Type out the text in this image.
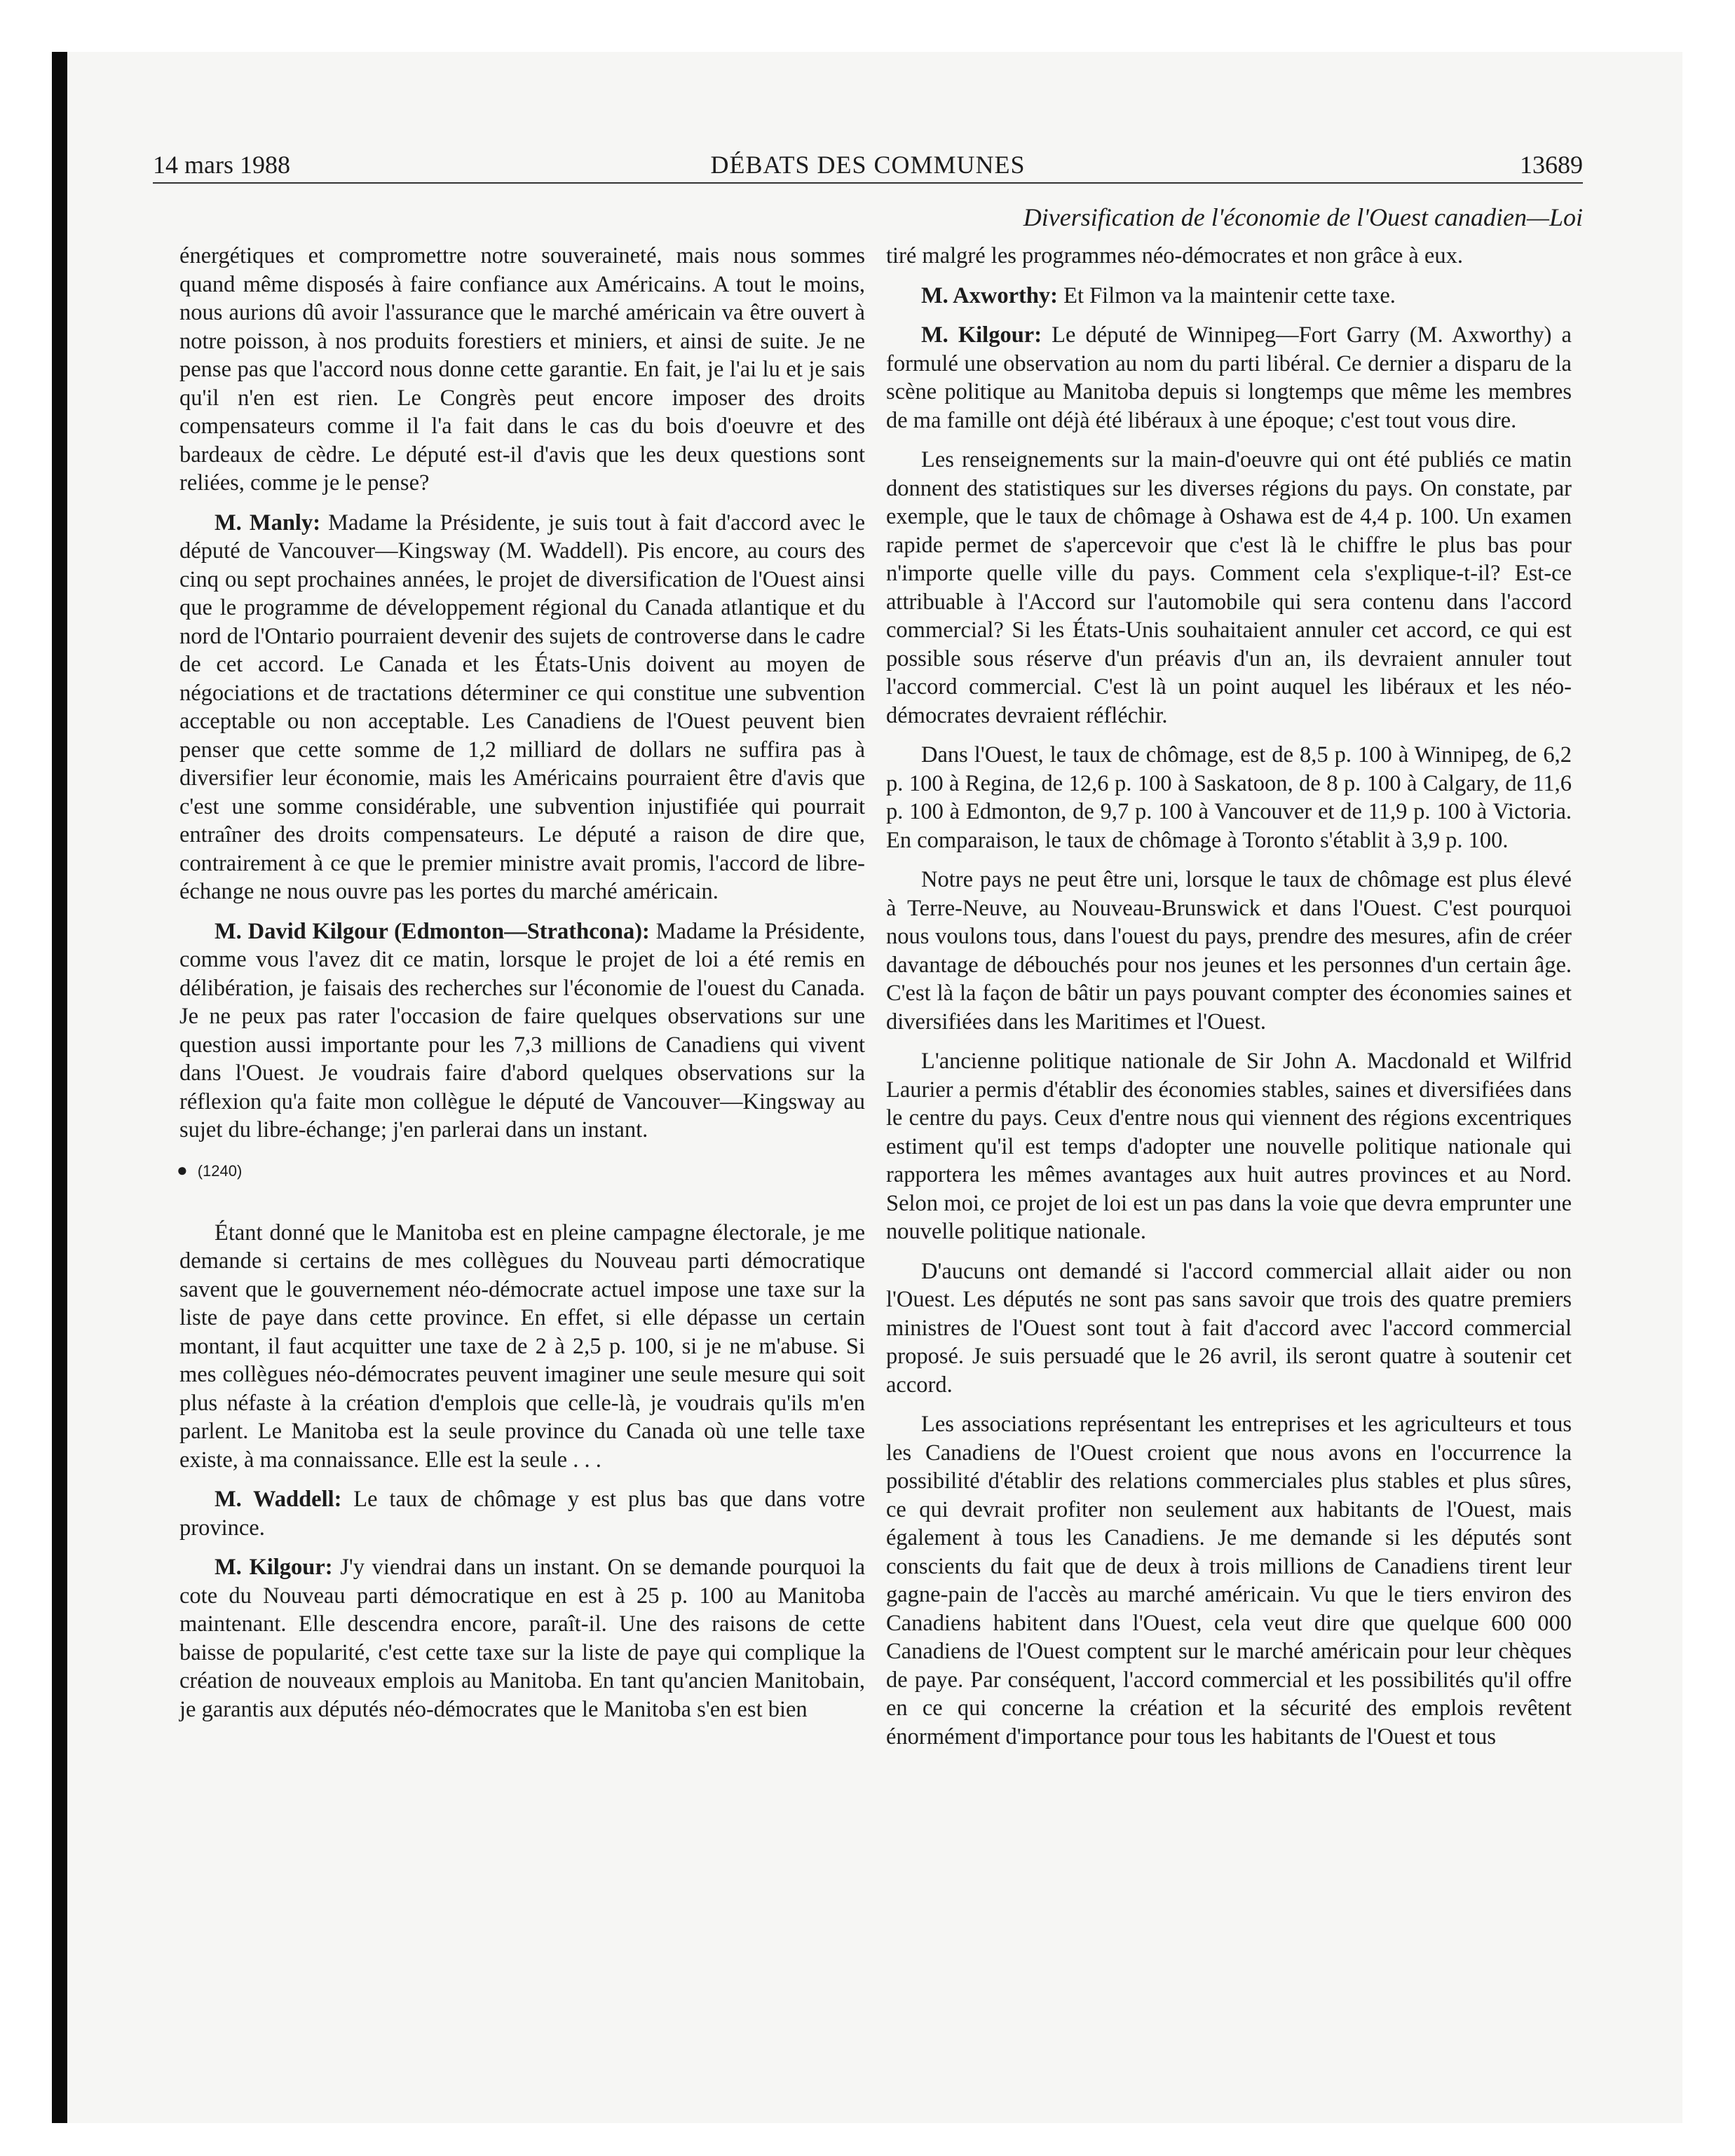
14 mars 1988	DÉBATS DES COMMUNES	13689
Diversification de l'économie de l'Ouest canadien—Loi

énergétiques et compromettre notre souveraineté, mais nous sommes quand même disposés à faire confiance aux Américains. A tout le moins, nous aurions dû avoir l'assurance que le marché américain va être ouvert à notre poisson, à nos produits forestiers et miniers, et ainsi de suite. Je ne pense pas que l'accord nous donne cette garantie. En fait, je l'ai lu et je sais qu'il n'en est rien. Le Congrès peut encore imposer des droits compensateurs comme il l'a fait dans le cas du bois d'oeuvre et des bardeaux de cèdre. Le député est-il d'avis que les deux questions sont reliées, comme je le pense?

M. Manly: Madame la Présidente, je suis tout à fait d'accord avec le député de Vancouver—Kingsway (M. Waddell). Pis encore, au cours des cinq ou sept prochaines années, le projet de diversification de l'Ouest ainsi que le programme de développement régional du Canada atlantique et du nord de l'Ontario pourraient devenir des sujets de controverse dans le cadre de cet accord. Le Canada et les États-Unis doivent au moyen de négociations et de tractations déterminer ce qui constitue une subvention acceptable ou non acceptable. Les Canadiens de l'Ouest peuvent bien penser que cette somme de 1,2 milliard de dollars ne suffira pas à diversifier leur économie, mais les Américains pourraient être d'avis que c'est une somme considérable, une subvention injustifiée qui pourrait entraîner des droits compensateurs. Le député a raison de dire que, contrairement à ce que le premier ministre avait promis, l'accord de libre-échange ne nous ouvre pas les portes du marché américain.

M. David Kilgour (Edmonton—Strathcona): Madame la Présidente, comme vous l'avez dit ce matin, lorsque le projet de loi a été remis en délibération, je faisais des recherches sur l'économie de l'ouest du Canada. Je ne peux pas rater l'occasion de faire quelques observations sur une question aussi importante pour les 7,3 millions de Canadiens qui vivent dans l'Ouest. Je voudrais faire d'abord quelques observations sur la réflexion qu'a faite mon collègue le député de Vancouver—Kingsway au sujet du libre-échange; j'en parlerai dans un instant.

● (1240)

Étant donné que le Manitoba est en pleine campagne électorale, je me demande si certains de mes collègues du Nouveau parti démocratique savent que le gouvernement néo-démocrate actuel impose une taxe sur la liste de paye dans cette province. En effet, si elle dépasse un certain montant, il faut acquitter une taxe de 2 à 2,5 p. 100, si je ne m'abuse. Si mes collègues néo-démocrates peuvent imaginer une seule mesure qui soit plus néfaste à la création d'emplois que celle-là, je voudrais qu'ils m'en parlent. Le Manitoba est la seule province du Canada où une telle taxe existe, à ma connaissance. Elle est la seule . . .

M. Waddell: Le taux de chômage y est plus bas que dans votre province.

M. Kilgour: J'y viendrai dans un instant. On se demande pourquoi la cote du Nouveau parti démocratique en est à 25 p. 100 au Manitoba maintenant. Elle descendra encore, paraît-il. Une des raisons de cette baisse de popularité, c'est cette taxe sur la liste de paye qui complique la création de nouveaux emplois au Manitoba. En tant qu'ancien Manitobain, je garantis aux députés néo-démocrates que le Manitoba s'en est bien

tiré malgré les programmes néo-démocrates et non grâce à eux.

M. Axworthy: Et Filmon va la maintenir cette taxe.

M. Kilgour: Le député de Winnipeg—Fort Garry (M. Axworthy) a formulé une observation au nom du parti libéral. Ce dernier a disparu de la scène politique au Manitoba depuis si longtemps que même les membres de ma famille ont déjà été libéraux à une époque; c'est tout vous dire.

Les renseignements sur la main-d'oeuvre qui ont été publiés ce matin donnent des statistiques sur les diverses régions du pays. On constate, par exemple, que le taux de chômage à Oshawa est de 4,4 p. 100. Un examen rapide permet de s'apercevoir que c'est là le chiffre le plus bas pour n'importe quelle ville du pays. Comment cela s'explique-t-il? Est-ce attribuable à l'Accord sur l'automobile qui sera contenu dans l'accord commercial? Si les États-Unis souhaitaient annuler cet accord, ce qui est possible sous réserve d'un préavis d'un an, ils devraient annuler tout l'accord commercial. C'est là un point auquel les libéraux et les néo-démocrates devraient réfléchir.

Dans l'Ouest, le taux de chômage, est de 8,5 p. 100 à Winnipeg, de 6,2 p. 100 à Regina, de 12,6 p. 100 à Saskatoon, de 8 p. 100 à Calgary, de 11,6 p. 100 à Edmonton, de 9,7 p. 100 à Vancouver et de 11,9 p. 100 à Victoria. En comparaison, le taux de chômage à Toronto s'établit à 3,9 p. 100.

Notre pays ne peut être uni, lorsque le taux de chômage est plus élevé à Terre-Neuve, au Nouveau-Brunswick et dans l'Ouest. C'est pourquoi nous voulons tous, dans l'ouest du pays, prendre des mesures, afin de créer davantage de débouchés pour nos jeunes et les personnes d'un certain âge. C'est là la façon de bâtir un pays pouvant compter des économies saines et diversifiées dans les Maritimes et l'Ouest.

L'ancienne politique nationale de Sir John A. Macdonald et Wilfrid Laurier a permis d'établir des économies stables, saines et diversifiées dans le centre du pays. Ceux d'entre nous qui viennent des régions excentriques estiment qu'il est temps d'adopter une nouvelle politique nationale qui rapportera les mêmes avantages aux huit autres provinces et au Nord. Selon moi, ce projet de loi est un pas dans la voie que devra emprunter une nouvelle politique nationale.

D'aucuns ont demandé si l'accord commercial allait aider ou non l'Ouest. Les députés ne sont pas sans savoir que trois des quatre premiers ministres de l'Ouest sont tout à fait d'accord avec l'accord commercial proposé. Je suis persuadé que le 26 avril, ils seront quatre à soutenir cet accord.

Les associations représentant les entreprises et les agriculteurs et tous les Canadiens de l'Ouest croient que nous avons en l'occurrence la possibilité d'établir des relations commerciales plus stables et plus sûres, ce qui devrait profiter non seulement aux habitants de l'Ouest, mais également à tous les Canadiens. Je me demande si les députés sont conscients du fait que de deux à trois millions de Canadiens tirent leur gagne-pain de l'accès au marché américain. Vu que le tiers environ des Canadiens habitent dans l'Ouest, cela veut dire que quelque 600 000 Canadiens de l'Ouest comptent sur le marché américain pour leur chèques de paye. Par conséquent, l'accord commercial et les possibilités qu'il offre en ce qui concerne la création et la sécurité des emplois revêtent énormément d'importance pour tous les habitants de l'Ouest et tous
